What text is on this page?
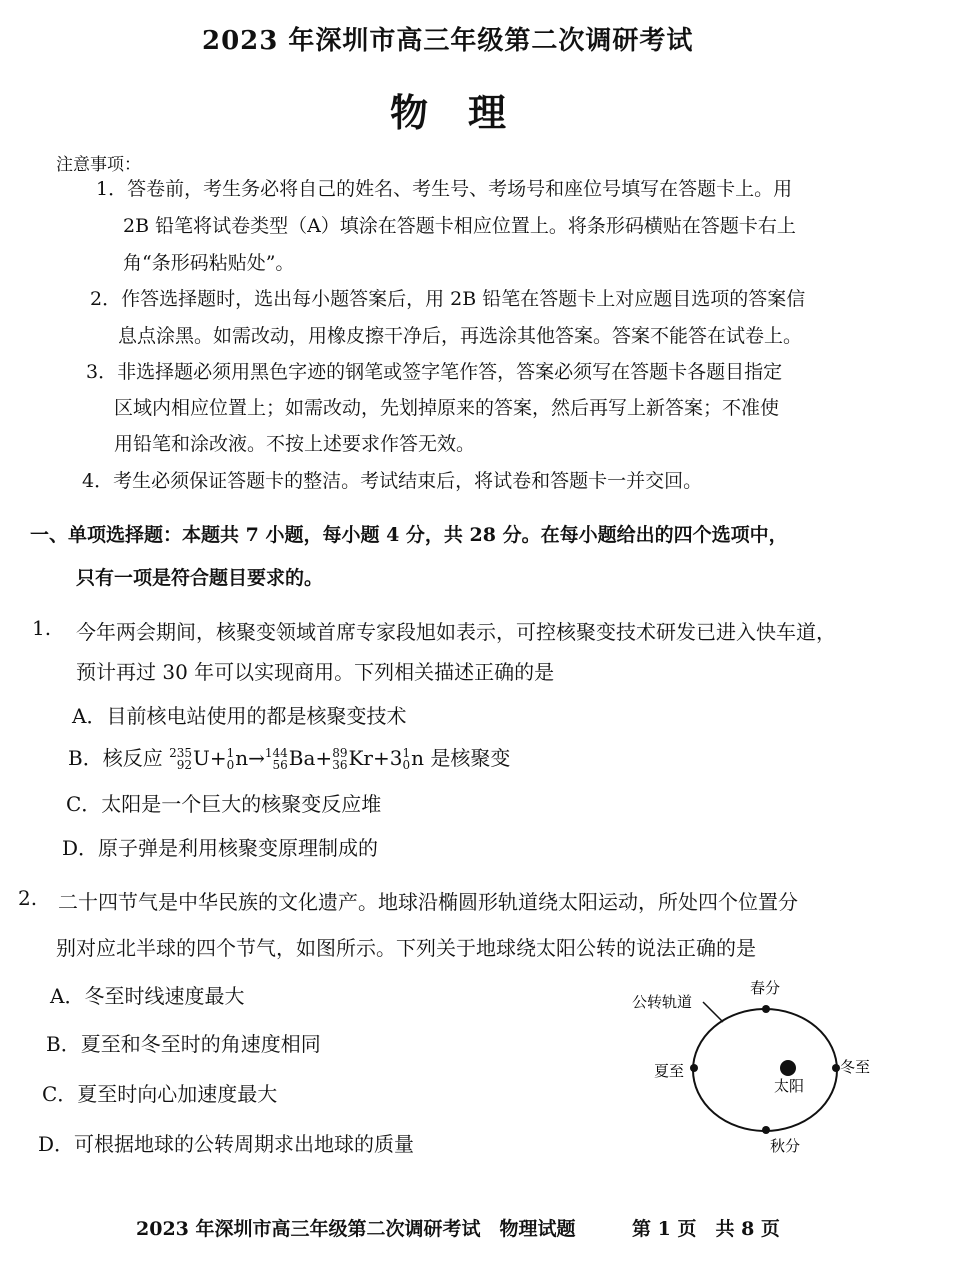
2023 年深圳市高三年级第二次调研考试
物理
注意事项：
1．答卷前，考生务必将自己的姓名、考生号、考场号和座位号填写在答题卡上。用
2B 铅笔将试卷类型（A）填涂在答题卡相应位置上。将条形码横贴在答题卡右上
角“条形码粘贴处”。
2．作答选择题时，选出每小题答案后，用 2B 铅笔在答题卡上对应题目选项的答案信
息点涂黑。如需改动，用橡皮擦干净后，再选涂其他答案。答案不能答在试卷上。
3．非选择题必须用黑色字迹的钢笔或签字笔作答，答案必须写在答题卡各题目指定
区域内相应位置上；如需改动，先划掉原来的答案，然后再写上新答案；不准使
用铅笔和涂改液。不按上述要求作答无效。
4．考生必须保证答题卡的整洁。考试结束后，将试卷和答题卡一并交回。
一、单项选择题：本题共 7 小题，每小题 4 分，共 28 分。在每小题给出的四个选项中，
只有一项是符合题目要求的。
1. 今年两会期间，核聚变领域首席专家段旭如表示，可控核聚变技术研发已进入快车道，
预计再过 30 年可以实现商用。下列相关描述正确的是
A．目前核电站使用的都是核聚变技术
B．核反应 235
92 U+ 1
0 n→ 144
56 Ba+ 89
36 Kr+3 1
0 n 是核聚变
C．太阳是一个巨大的核聚变反应堆
D．原子弹是利用核聚变原理制成的
2. 二十四节气是中华民族的文化遗产。地球沿椭圆形轨道绕太阳运动，所处四个位置分
别对应北半球的四个节气，如图所示。下列关于地球绕太阳公转的说法正确的是
A．冬至时线速度最大
B．夏至和冬至时的角速度相同
C．夏至时向心加速度最大
D．可根据地球的公转周期求出地球的质量
公转轨道
春分
夏至	冬至
太阳
秋分
2023 年深圳市高三年级第二次调研考试　物理试题	第 1 页　共 8 页
